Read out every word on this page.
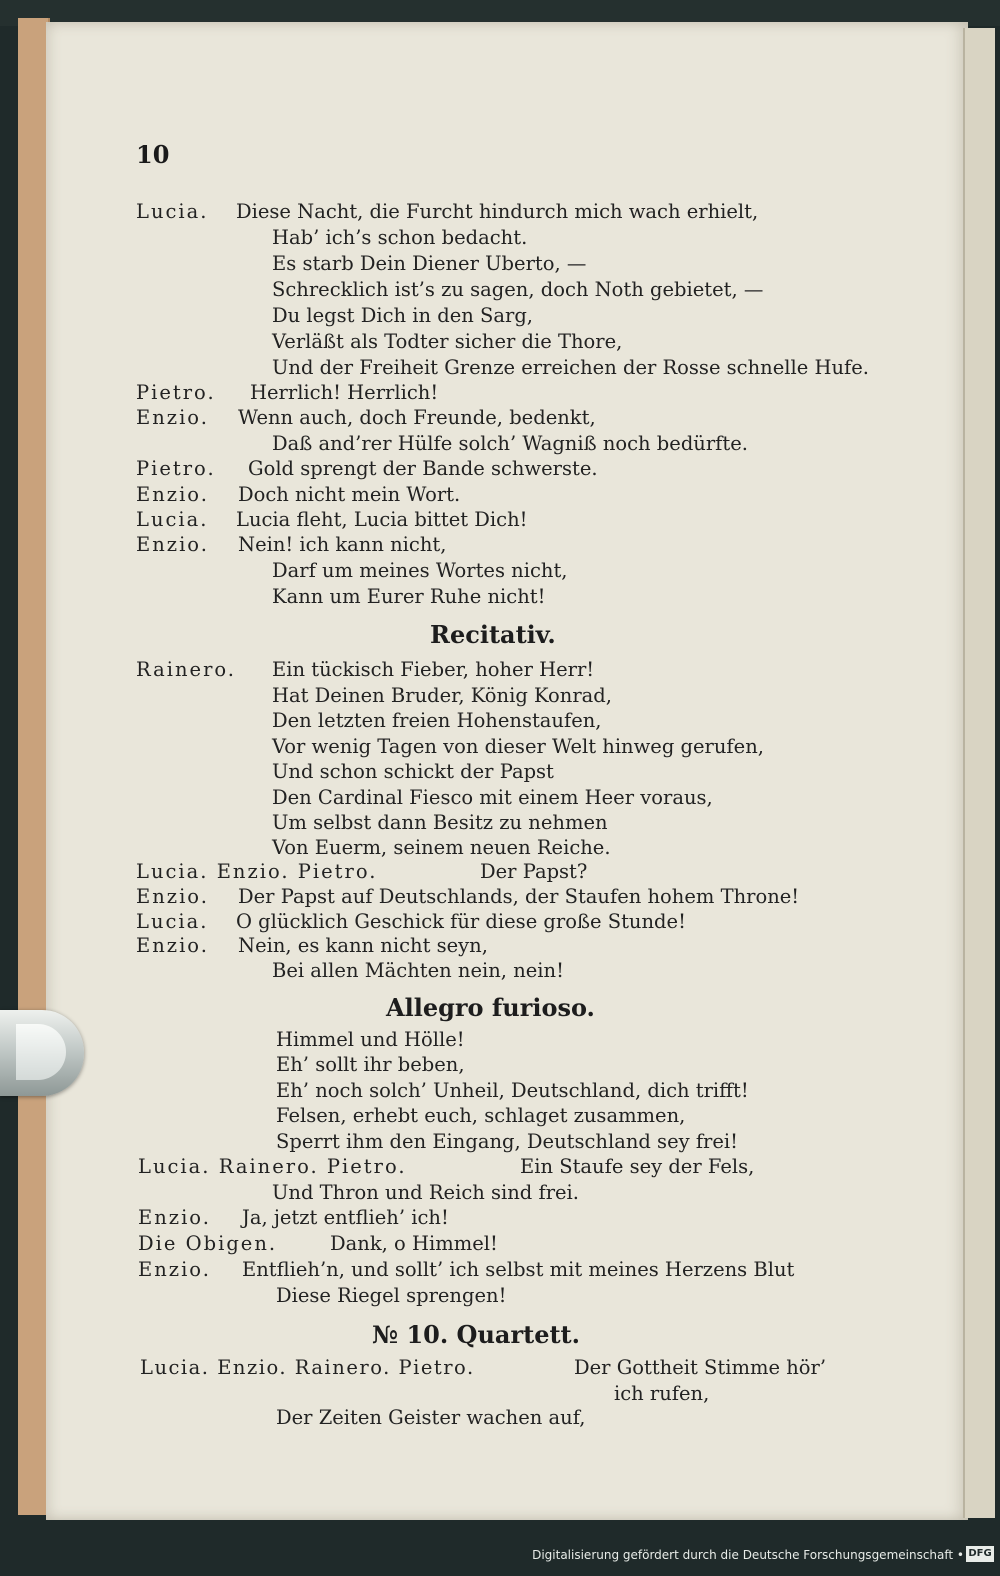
10
Lucia. Diese Nacht, die Furcht hindurch mich wach erhielt,
Hab’ ich’s schon bedacht.
Es starb Dein Diener Uberto, —
Schrecklich ist’s zu sagen, doch Noth gebietet, —
Du legst Dich in den Sarg,
Verläßt als Todter sicher die Thore,
Und der Freiheit Grenze erreichen der Rosse schnelle Hufe.
Pietro. Herrlich! Herrlich!
Enzio. Wenn auch, doch Freunde, bedenkt,
Daß and’rer Hülfe solch’ Wagniß noch bedürfte.
Pietro. Gold sprengt der Bande schwerste.
Enzio. Doch nicht mein Wort.
Lucia. Lucia fleht, Lucia bittet Dich!
Enzio. Nein! ich kann nicht,
Darf um meines Wortes nicht,
Kann um Eurer Ruhe nicht!
Recitativ.
Rainero. Ein tückisch Fieber, hoher Herr!
Hat Deinen Bruder, König Konrad,
Den letzten freien Hohenstaufen,
Vor wenig Tagen von dieser Welt hinweg gerufen,
Und schon schickt der Papst
Den Cardinal Fiesco mit einem Heer voraus,
Um selbst dann Besitz zu nehmen
Von Euerm, seinem neuen Reiche.
Lucia. Enzio. Pietro.	Der Papst?
Enzio. Der Papst auf Deutschlands, der Staufen hohem Throne!
Lucia. O glücklich Geschick für diese große Stunde!
Enzio. Nein, es kann nicht seyn,
Bei allen Mächten nein, nein!
Allegro furioso.
Himmel und Hölle!
Eh’ sollt ihr beben,
Eh’ noch solch’ Unheil, Deutschland, dich trifft!
Felsen, erhebt euch, schlaget zusammen,
Sperrt ihm den Eingang, Deutschland sey frei!
Lucia. Rainero. Pietro.	Ein Staufe sey der Fels,
Und Thron und Reich sind frei.
Enzio. Ja, jetzt entflieh’ ich!
Die Obigen.	Dank, o Himmel!
Enzio. Entflieh’n, und sollt’ ich selbst mit meines Herzens Blut
Diese Riegel sprengen!
№ 10. Quartett.
Lucia. Enzio. Rainero. Pietro.	Der Gottheit Stimme hör’
ich rufen,
Der Zeiten Geister wachen auf,
Digitalisierung gefördert durch die Deutsche Forschungsgemeinschaft • DFG
